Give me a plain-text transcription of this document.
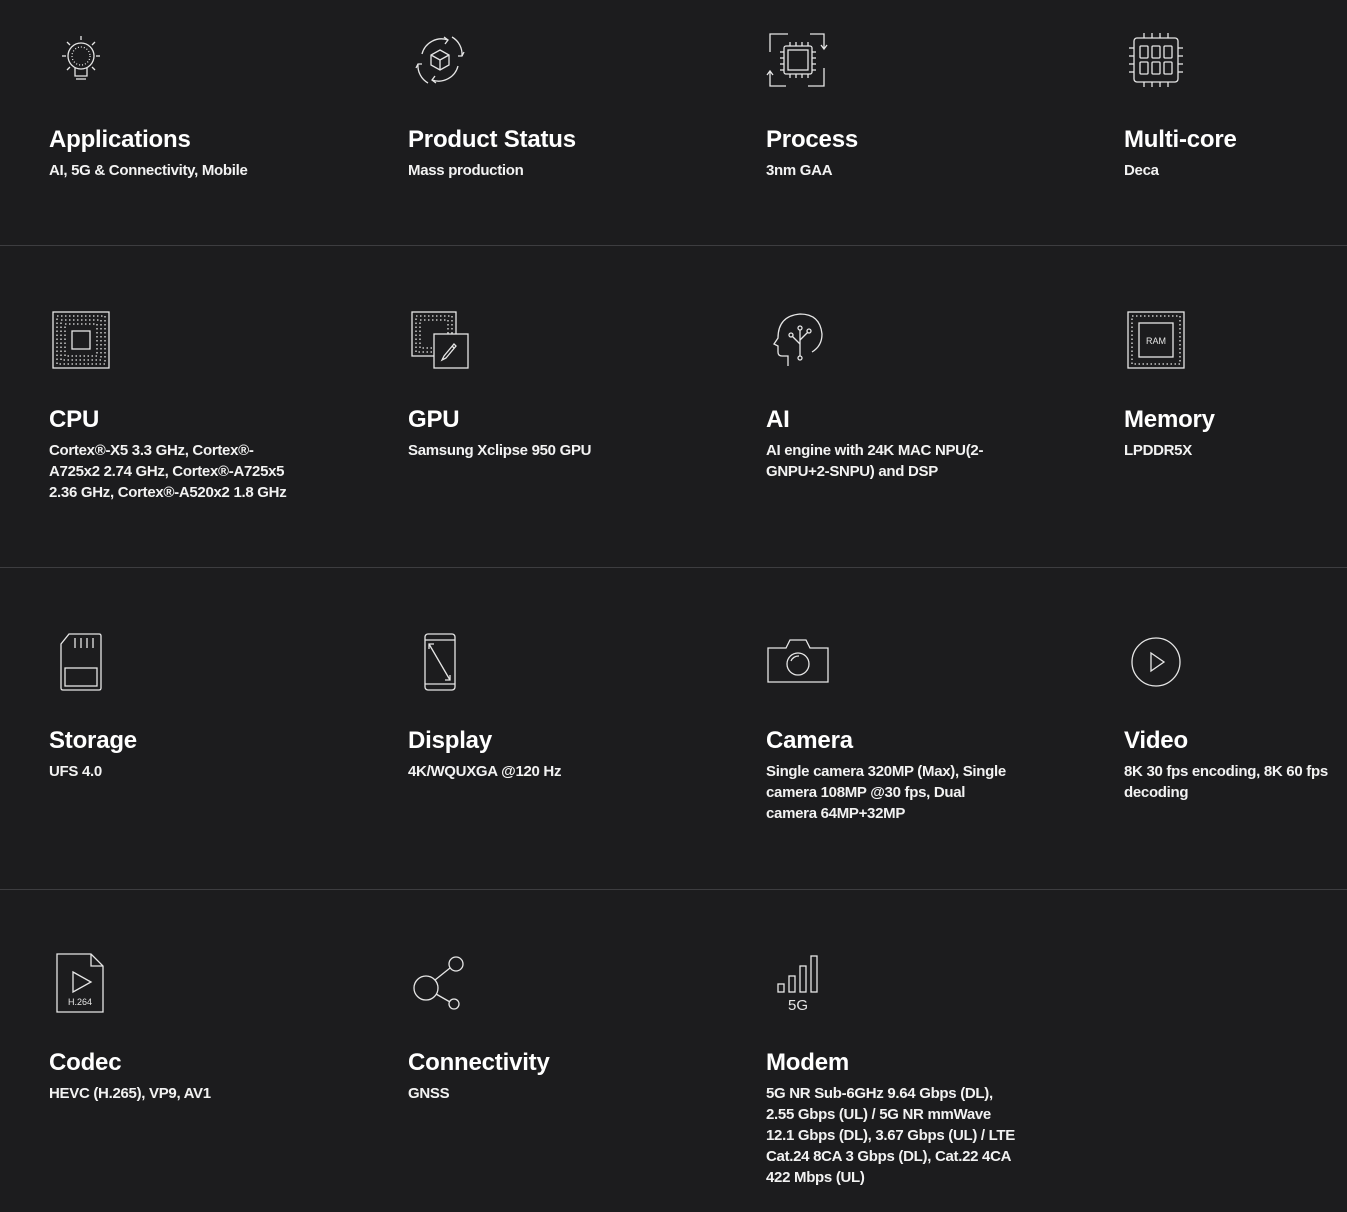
Applications
AI, 5G & Connectivity, Mobile
Product Status
Mass production
Process
3nm GAA
Multi-core
Deca
CPU
Cortex®-X5 3.3 GHz, Cortex®-A725x2 2.74 GHz, Cortex®-A725x5 2.36 GHz, Cortex®-A520x2 1.8 GHz
GPU
Samsung Xclipse 950 GPU
AI
AI engine with 24K MAC NPU(2-GNPU+2-SNPU) and DSP
RAM
Memory
LPDDR5X
Storage
UFS 4.0
Display
4K/WQUXGA @120 Hz
Camera
Single camera 320MP (Max), Single camera 108MP @30 fps, Dual camera 64MP+32MP
Video
8K 30 fps encoding, 8K 60 fps decoding
H.264
Codec
HEVC (H.265), VP9, AV1
Connectivity
GNSS
5G
Modem
5G NR Sub-6GHz 9.64 Gbps (DL), 2.55 Gbps (UL) / 5G NR mmWave 12.1 Gbps (DL), 3.67 Gbps (UL) / LTE Cat.24 8CA 3 Gbps (DL), Cat.22 4CA 422 Mbps (UL)
